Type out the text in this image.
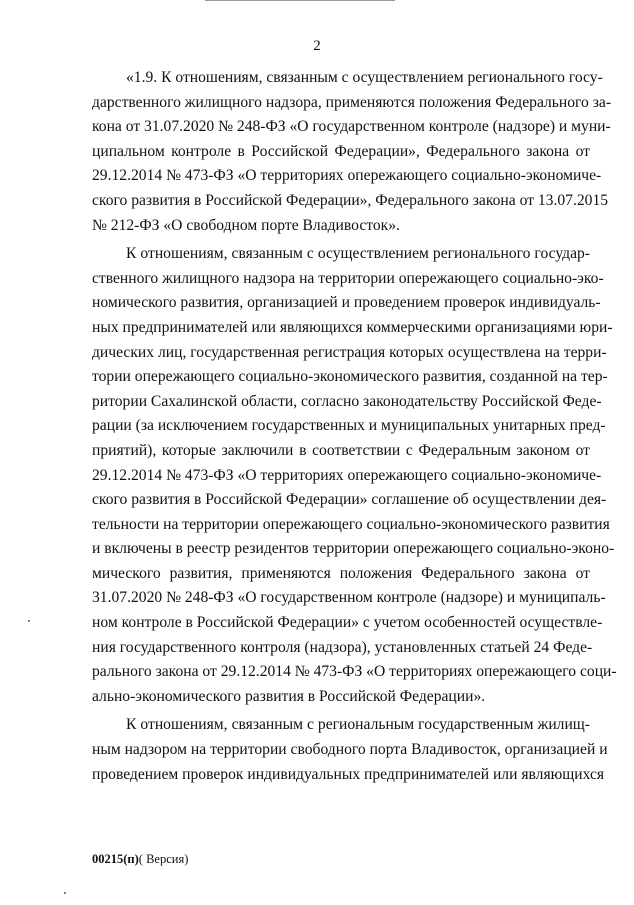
2
«1.9. К отношениям, связанным с осуществлением регионального госу-
дарственного жилищного надзора, применяются положения Федерального за-
кона от 31.07.2020 № 248-ФЗ «О государственном контроле (надзоре) и муни-
ципальном контроле в Российской Федерации», Федерального закона от
29.12.2014 № 473-ФЗ «О территориях опережающего социально-экономиче-
ского развития в Российской Федерации», Федерального закона от 13.07.2015
№ 212-ФЗ «О свободном порте Владивосток».
К отношениям, связанным с осуществлением регионального государ-
ственного жилищного надзора на территории опережающего социально-эко-
номического развития, организацией и проведением проверок индивидуаль-
ных предпринимателей или являющихся коммерческими организациями юри-
дических лиц, государственная регистрация которых осуществлена на терри-
тории опережающего социально-экономического развития, созданной на тер-
ритории Сахалинской области, согласно законодательству Российской Феде-
рации (за исключением государственных и муниципальных унитарных пред-
приятий), которые заключили в соответствии с Федеральным законом от
29.12.2014 № 473-ФЗ «О территориях опережающего социально-экономиче-
ского развития в Российской Федерации» соглашение об осуществлении дея-
тельности на территории опережающего социально-экономического развития
и включены в реестр резидентов территории опережающего социально-эконо-
мического развития, применяются положения Федерального закона от
31.07.2020 № 248-ФЗ «О государственном контроле (надзоре) и муниципаль-
ном контроле в Российской Федерации» с учетом особенностей осуществле-
ния государственного контроля (надзора), установленных статьей 24 Феде-
рального закона от 29.12.2014 № 473-ФЗ «О территориях опережающего соци-
ально-экономического развития в Российской Федерации».
К отношениям, связанным с региональным государственным жилищ-
ным надзором на территории свободного порта Владивосток, организацией и
проведением проверок индивидуальных предпринимателей или являющихся
00215(п)( Версия)
